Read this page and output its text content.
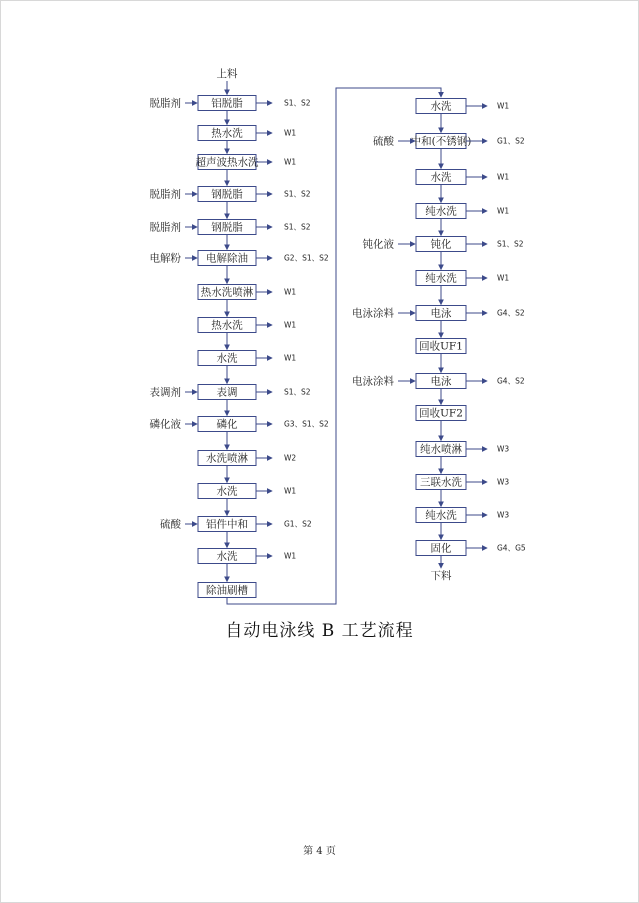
上料
铝脱脂
脱脂剂	S1、S2
热水洗	W1
超声波热水洗	W1
钢脱脂
脱脂剂	S1、S2
钢脱脂
脱脂剂	S1、S2
电解除油
电解粉	G2、S1、S2
热水洗喷淋	W1
热水洗	W1
水洗	W1
表调
表调剂	S1、S2
磷化
磷化液	G3、S1、S2
水洗喷淋	W2
水洗	W1
铝件中和
硫酸	G1、S2
水洗	W1
除油刷槽
水洗	W1
中和(不锈钢)
硫酸	G1、S2
水洗	W1
纯水洗	W1
钝化
钝化液	S1、S2
纯水洗	W1
电泳
电泳涂料	G4、S2
回收UF1
电泳
电泳涂料	G4、S2
回收UF2
纯水喷淋	W3
三联水洗	W3
纯水洗	W3
固化	G4、G5
下料
自动电泳线 B 工艺流程
第 4 页
